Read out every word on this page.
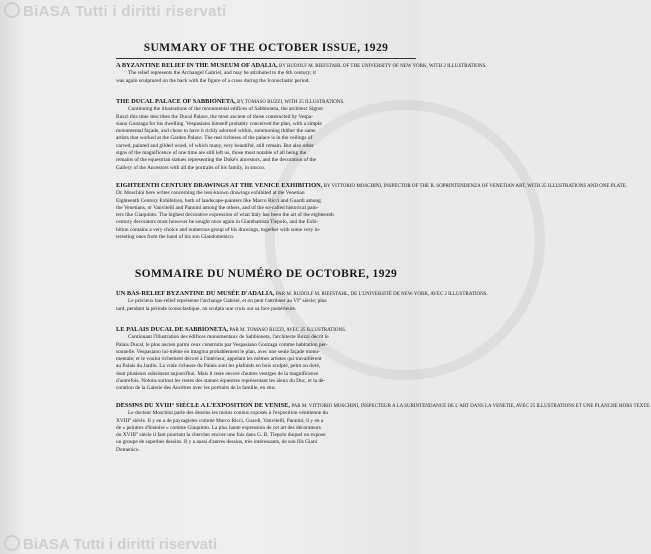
BiASA Tutti i diritti riservati
SUMMARY OF THE OCTOBER ISSUE, 1929
A BYZANTINE RELIEF IN THE MUSEUM OF ADALIA, BY RUDOLF M. RIEFSTAHL OF THE UNIVERSITY OF NEW YORK, WITH 2 ILLUSTRATIONS.
The relief represents the Archangel Gabriel, and may be attributed to the 6th century; it
was again sculptured on the back with the figure of a cross during the Iconoclastic period.
THE DUCAL PALACE OF SABBIONETA, BY TOMASO BUZZI, WITH 25 ILLUSTRATIONS.
Continuing the illustrations of the monumental edifices of Sabbioneta, the architect Signor
Buzzi this time describes the Ducal Palace, the most ancient of those constructed by Vespa-
siano Gonzaga for his dwelling. Vespasiano himself probably conceived the plan, with a simple
monumental façade, and chose to have it richly adorned within, summoning thither the same
artists that worked at the Garden Palace. The real richness of the palace is in the ceilings of
carved, painted and gilded wood, of which many, very beautiful, still remain. But also other
signs of the magnificence of one time are still left us, those most notable of all being the
remains of the equestrian statues representing the Duke's ancestors, and the decoration of the
Gallery of the Ancestors with all the portraits of his family, in stucco.
EIGHTEENTH CENTURY DRAWINGS AT THE VENICE EXHIBITION, BY VITTORIO MOSCHINI, INSPECTOR OF THE R. SOPRINTENDENZA OF VENETIAN ART, WITH 25 ILLUSTRATIONS AND ONE PLATE.
Dr. Moschini here writes concerning the less-known drawings exhibited at the Venetian
Eighteenth Century Exhibition, both of landscape-painters like Marco Ricci and Guardi among
the Venetians, or Vanvitelli and Pannini among the others, and of the so-called historical pain-
ters like Giaquinto. The highest decorative expression of what Italy has been the art of the eighteenth
century decorators must however be sought once again in Giambattista Tiepolo, and the Exhi-
bition contains a very choice and numerous group of his drawings, together with some very in-
teresting ones from the hand of his son Giandomenico.
SOMMAIRE DU NUMÉRO DE OCTOBRE, 1929
UN BAS-RELIEF BYZANTINE DU MUSÉE D'ADALIA, PAR M. RUDOLF M. RIEFSTAHL, DE L'UNIVERSITÉ DE NEW-YORK, AVEC 2 ILLUSTRATIONS.
Le précieux bas-relief représente l'archange Gabriel, et on peut l'attribuer au VI° siècle; plus
tard, pendant la période iconoclastique, on sculpta une croix sur sa face postérieure.
LE PALAIS DUCAL DE SABBIONETA, PAR M. TOMASO BUZZI, AVEC 25 ILLUSTRATIONS.
Continuant l'illustration des édifices monumentaux de Sabbioneta, l'architecte Buzzi décrit le
Palais Ducal, le plus ancien parmi ceux construits par Vespasiano Gonzaga comme habitation per-
sonnelle. Vespasiano lui-même en imagina probablement le plan, avec une seule façade monu-
mentale; et le voulut richement décoré à l'intérieur, appelant les mêmes artistes qui travaillèrent
au Palais du Jardin. La vraie richesse du Palais sont les plafonds en bois sculpté, peint ou doré,
dont plusieurs subsistent aujourd'hui. Mais il reste encore d'autres vestiges de la magnificence
d'autrefois. Notons surtout les restes des statues équestres représentant les aïeux du Duc, et la dé-
coration de la Galerie des Ancêtres avec les portraits de la famille, en stuc.
DESSINS DU XVIII° SIÈCLE A L'EXPOSITION DE VENISE, PAR M. VITTORIO MOSCHINI, INSPECTEUR A LA SURINTENDANCE DE L'ART DANS LA VENETIE, AVEC 25 ILLUSTRATIONS ET UNE PLANCHE HORS TEXTE.
Le docteur Moschini parle des dessins les moins connus exposés à l'exposition vénitienne du
XVIII° siècle. Il y en a de paysagistes comme Marco Ricci, Guardi, Vanvitelli, Pannini; il y en a
de « peintres d'histoire » comme Giaquinto. La plus haute expression de cet art des décorateurs
du XVIII° siècle il faut pourtant la chercher encore une fois dans G. B. Tiepolo duquel on expose
un groupe de superbes dessins. Il y a aussi d'autres dessins, très intéressants, de son fils Giani
Domenico.
BiASA Tutti i diritti riservati
